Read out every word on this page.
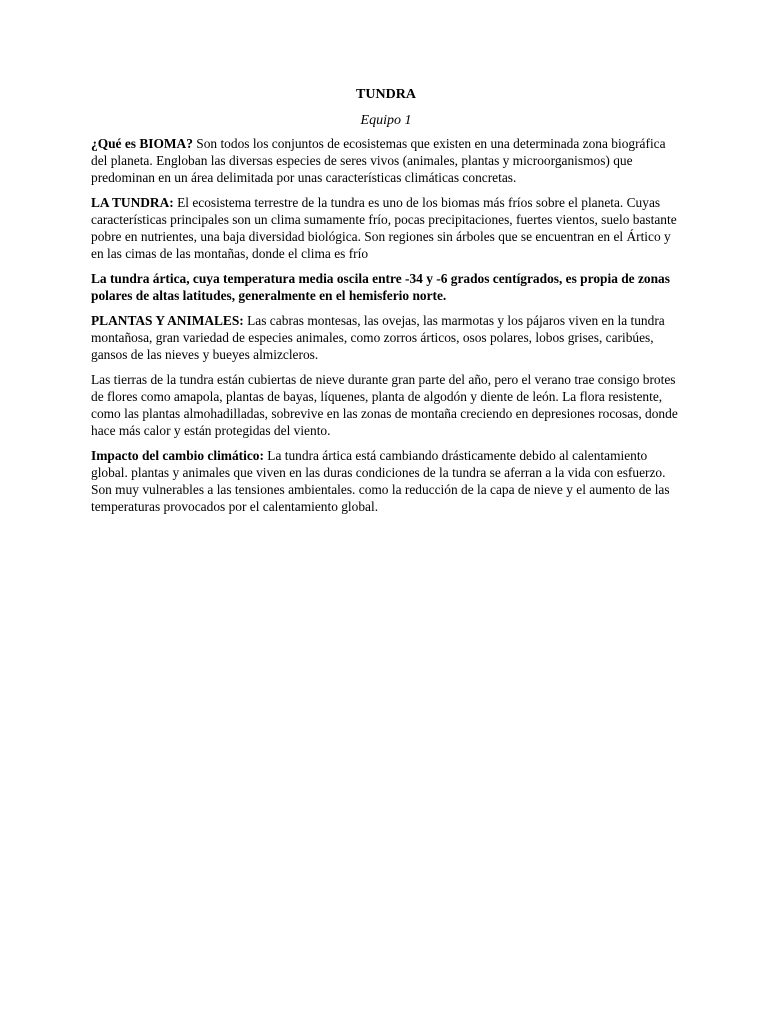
TUNDRA
Equipo 1

¿Qué es BIOMA? Son todos los conjuntos de ecosistemas que existen en una determinada zona biográfica del planeta. Engloban las diversas especies de seres vivos (animales, plantas y microorganismos) que predominan en un área delimitada por unas características climáticas concretas.

LA TUNDRA: El ecosistema terrestre de la tundra es uno de los biomas más fríos sobre el planeta. Cuyas características principales son un clima sumamente frío, pocas precipitaciones, fuertes vientos, suelo bastante pobre en nutrientes, una baja diversidad biológica. Son regiones sin árboles que se encuentran en el Ártico y en las cimas de las montañas, donde el clima es frío

La tundra ártica, cuya temperatura media oscila entre -34 y -6 grados centígrados, es propia de zonas polares de altas latitudes, generalmente en el hemisferio norte.

PLANTAS Y ANIMALES: Las cabras montesas, las ovejas, las marmotas y los pájaros viven en la tundra montañosa, gran variedad de especies animales, como zorros árticos, osos polares, lobos grises, caribúes, gansos de las nieves y bueyes almizcleros.

Las tierras de la tundra están cubiertas de nieve durante gran parte del año, pero el verano trae consigo brotes de flores como amapola, plantas de bayas, líquenes, planta de algodón y diente de león. La flora resistente, como las plantas almohadilladas, sobrevive en las zonas de montaña creciendo en depresiones rocosas, donde hace más calor y están protegidas del viento.

Impacto del cambio climático: La tundra ártica está cambiando drásticamente debido al calentamiento global. plantas y animales que viven en las duras condiciones de la tundra se aferran a la vida con esfuerzo. Son muy vulnerables a las tensiones ambientales. como la reducción de la capa de nieve y el aumento de las temperaturas provocados por el calentamiento global.
